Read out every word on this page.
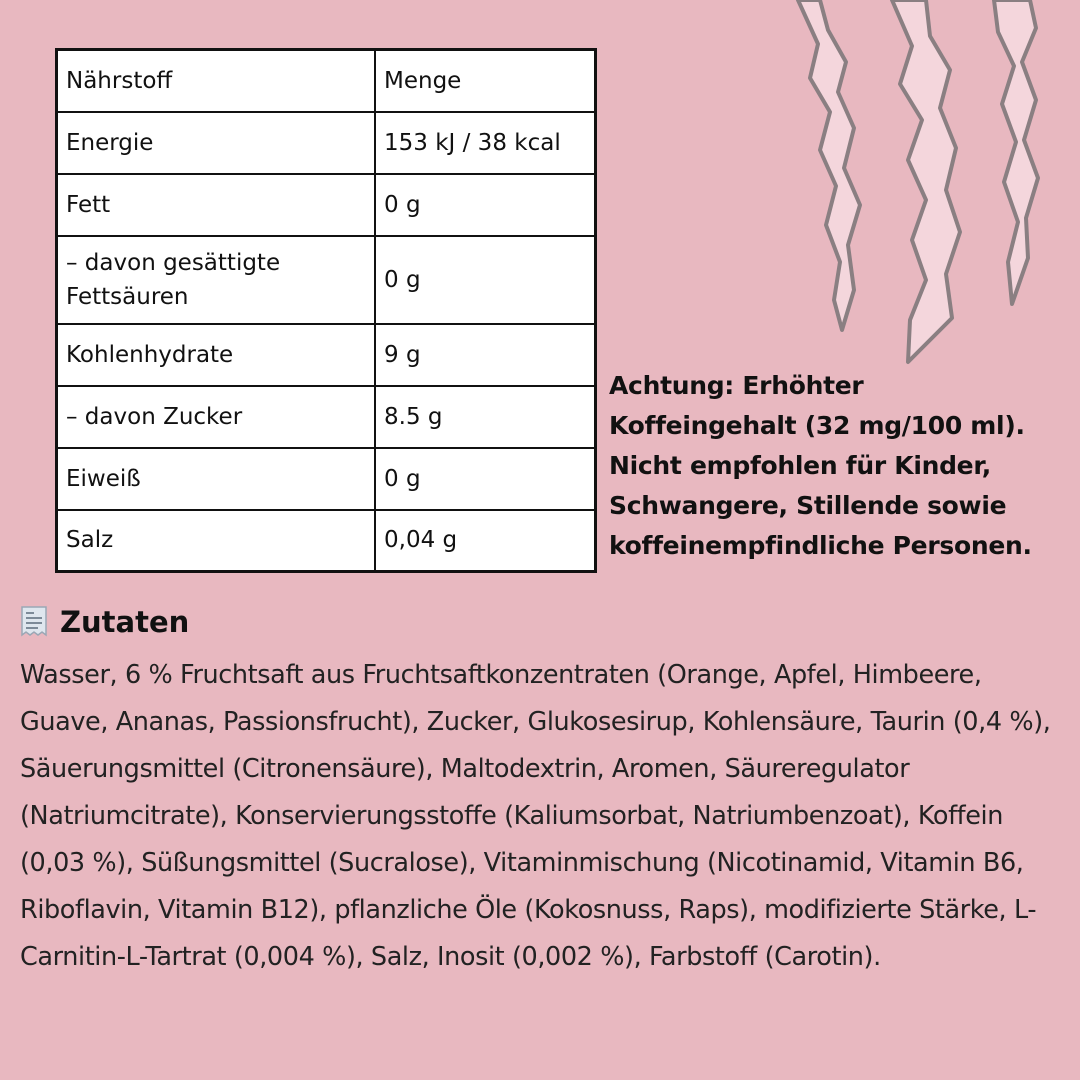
Nährstoff	Menge
Energie	153 kJ / 38 kcal
Fett	0 g
– davon gesättigte Fettsäuren	0 g
Kohlenhydrate	9 g
– davon Zucker	8.5 g
Eiweiß	0 g
Salz	0,04 g
Achtung: Erhöhter Koffeingehalt (32 mg/100 ml). Nicht empfohlen für Kinder, Schwangere, Stillende sowie koffeinempfindliche Personen.
Zutaten
Wasser, 6 % Fruchtsaft aus Fruchtsaftkonzentraten (Orange, Apfel, Himbeere, Guave, Ananas, Passionsfrucht), Zucker, Glukosesirup, Kohlensäure, Taurin (0,4 %), Säuerungsmittel (Citronensäure), Maltodextrin, Aromen, Säureregulator (Natriumcitrate), Konservierungsstoffe (Kaliumsorbat, Natriumbenzoat), Koffein (0,03 %), Süßungsmittel (Sucralose), Vitaminmischung (Nicotinamid, Vitamin B6, Riboflavin, Vitamin B12), pflanzliche Öle (Kokosnuss, Raps), modifizierte Stärke, L-Carnitin-L-Tartrat (0,004 %), Salz, Inosit (0,002 %), Farbstoff (Carotin).
